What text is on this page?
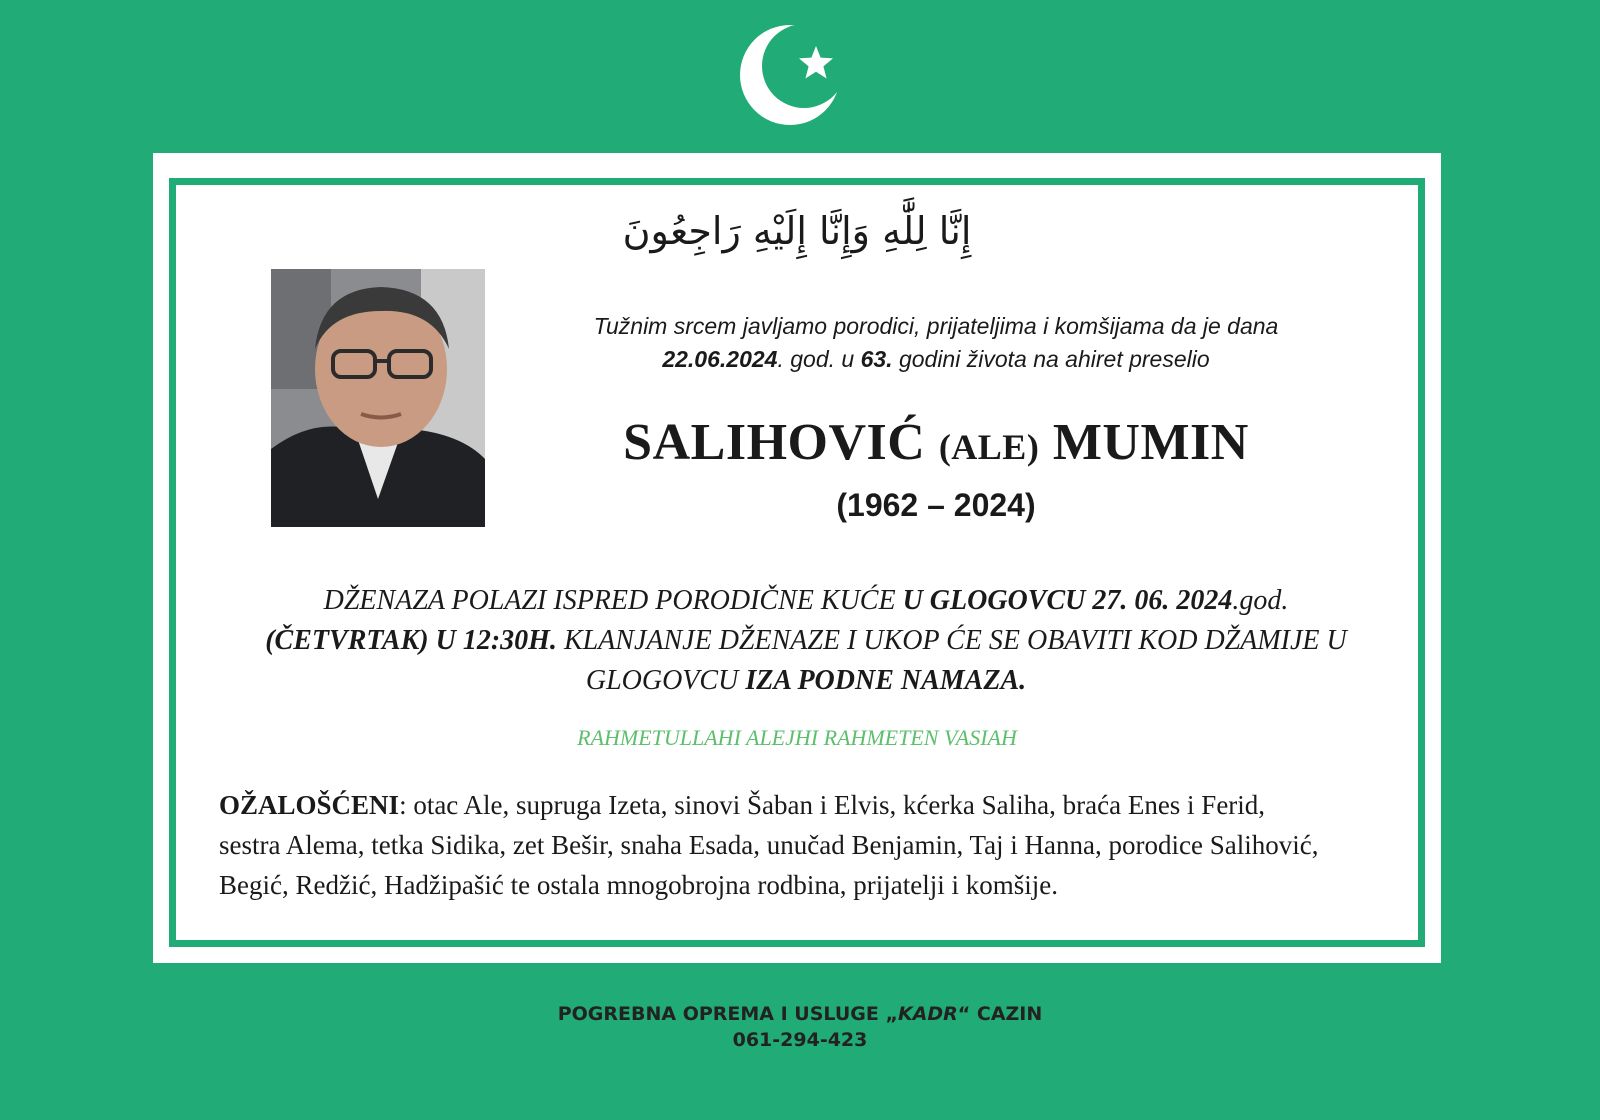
إِنَّا لِلَّٰهِ وَإِنَّا إِلَيْهِ رَاجِعُونَ
Tužnim srcem javljamo porodici, prijateljima i komšijama da je dana
22.06.2024. god. u 63. godini života na ahiret preselio
SALIHOVIĆ (ALE) MUMIN
(1962 – 2024)
DŽENAZA POLAZI ISPRED PORODIČNE KUĆE U GLOGOVCU 27. 06. 2024.god.
(ČETVRTAK) U 12:30H. KLANJANJE DŽENAZE I UKOP ĆE SE OBAVITI KOD DŽAMIJE U GLOGOVCU IZA PODNE NAMAZA.
RAHMETULLAHI ALEJHI RAHMETEN VASIAH
OŽALOŠĆENI: otac Ale, supruga Izeta, sinovi Šaban i Elvis, kćerka Saliha, braća Enes i Ferid, sestra Alema, tetka Sidika, zet Bešir, snaha Esada, unučad Benjamin, Taj i Hanna, porodice Salihović, Begić, Redžić, Hadžipašić te ostala mnogobrojna rodbina, prijatelji i komšije.
POGREBNA OPREMA I USLUGE „KADR“ CAZIN
061-294-423
